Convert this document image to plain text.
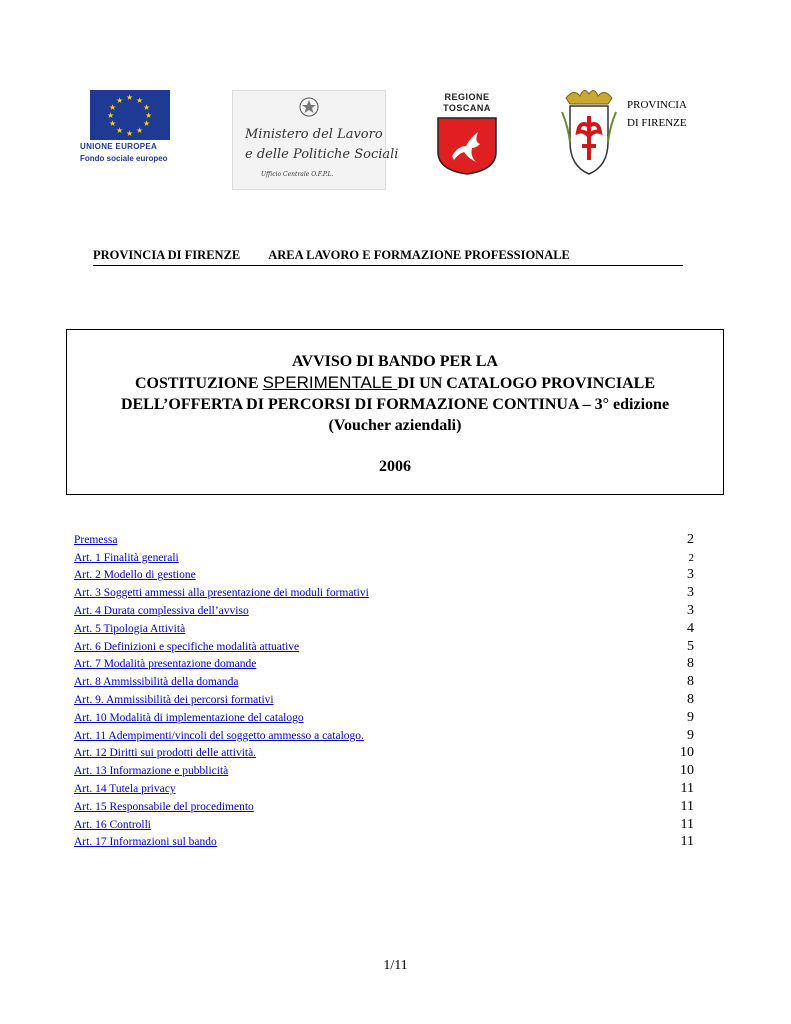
★ ★
★
★
★
★
★
★
★
★
★
★
UNIONE EUROPEA
Fondo sociale europeo
Ministero del Lavoro
e delle Politiche Sociali
Ufficio Centrale O.F.P.L.
REGIONE
TOSCANA	PROVINCIA
DI FIRENZE
PROVINCIA DI FIRENZE AREA LAVORO E FORMAZIONE PROFESSIONALE
AVVISO DI BANDO PER LA
COSTITUZIONE SPERIMENTALE DI UN CATALOGO PROVINCIALE
DELL’OFFERTA DI PERCORSI DI FORMAZIONE CONTINUA – 3° edizione
(Voucher aziendali)
2006
Premessa	2
Art. 1 Finalità generali	2
Art. 2 Modello di gestione	3
Art. 3 Soggetti ammessi alla presentazione dei moduli formativi	3
Art. 4 Durata complessiva dell’avviso	3
Art. 5 Tipologia Attività	4
Art. 6 Definizioni e specifiche modalità attuative	5
Art. 7 Modalità presentazione domande	8
Art. 8 Ammissibilità della domanda	8
Art. 9. Ammissibilità dei percorsi formativi	8
Art. 10 Modalità di implementazione del catalogo	9
Art. 11 Adempimenti/vincoli del soggetto ammesso a catalogo.	9
Art. 12 Diritti sui prodotti delle attività.	10
Art. 13 Informazione e pubblicità	10
Art. 14 Tutela privacy	11
Art. 15 Responsabile del procedimento	11
Art. 16 Controlli	11
Art. 17 Informazioni sul bando	11
1/11
